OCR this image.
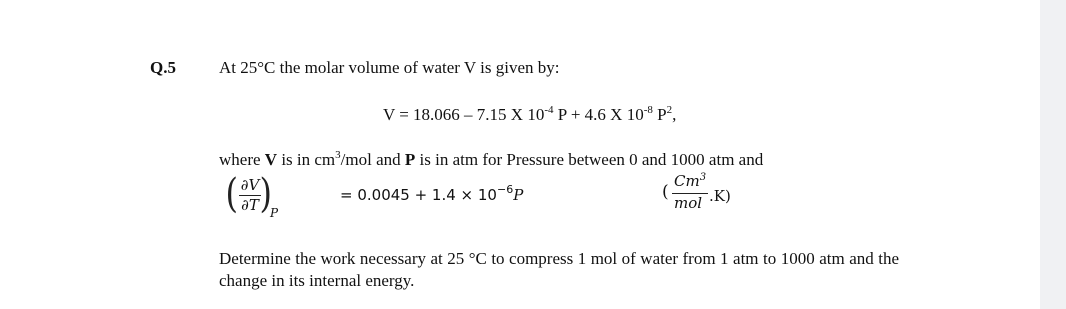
Q.5	At 25°C the molar volume of water V is given by:
V = 18.066 – 7.15 X $10^{-4}$ P + 4.6 X $10^{-8}$ $P^2$,
where V is in $cm^3$/mol and P is in atm for Pressure between 0 and 1000 atm and
( ∂V
∂T )
P
= $0.0045 + 1.4 \times 10^{-6}P$	(
Cm$^3$
mol .K)
Determine the work necessary at 25 °C to compress 1 mol of water from 1 atm to 1000 atm and the change in its internal energy.
